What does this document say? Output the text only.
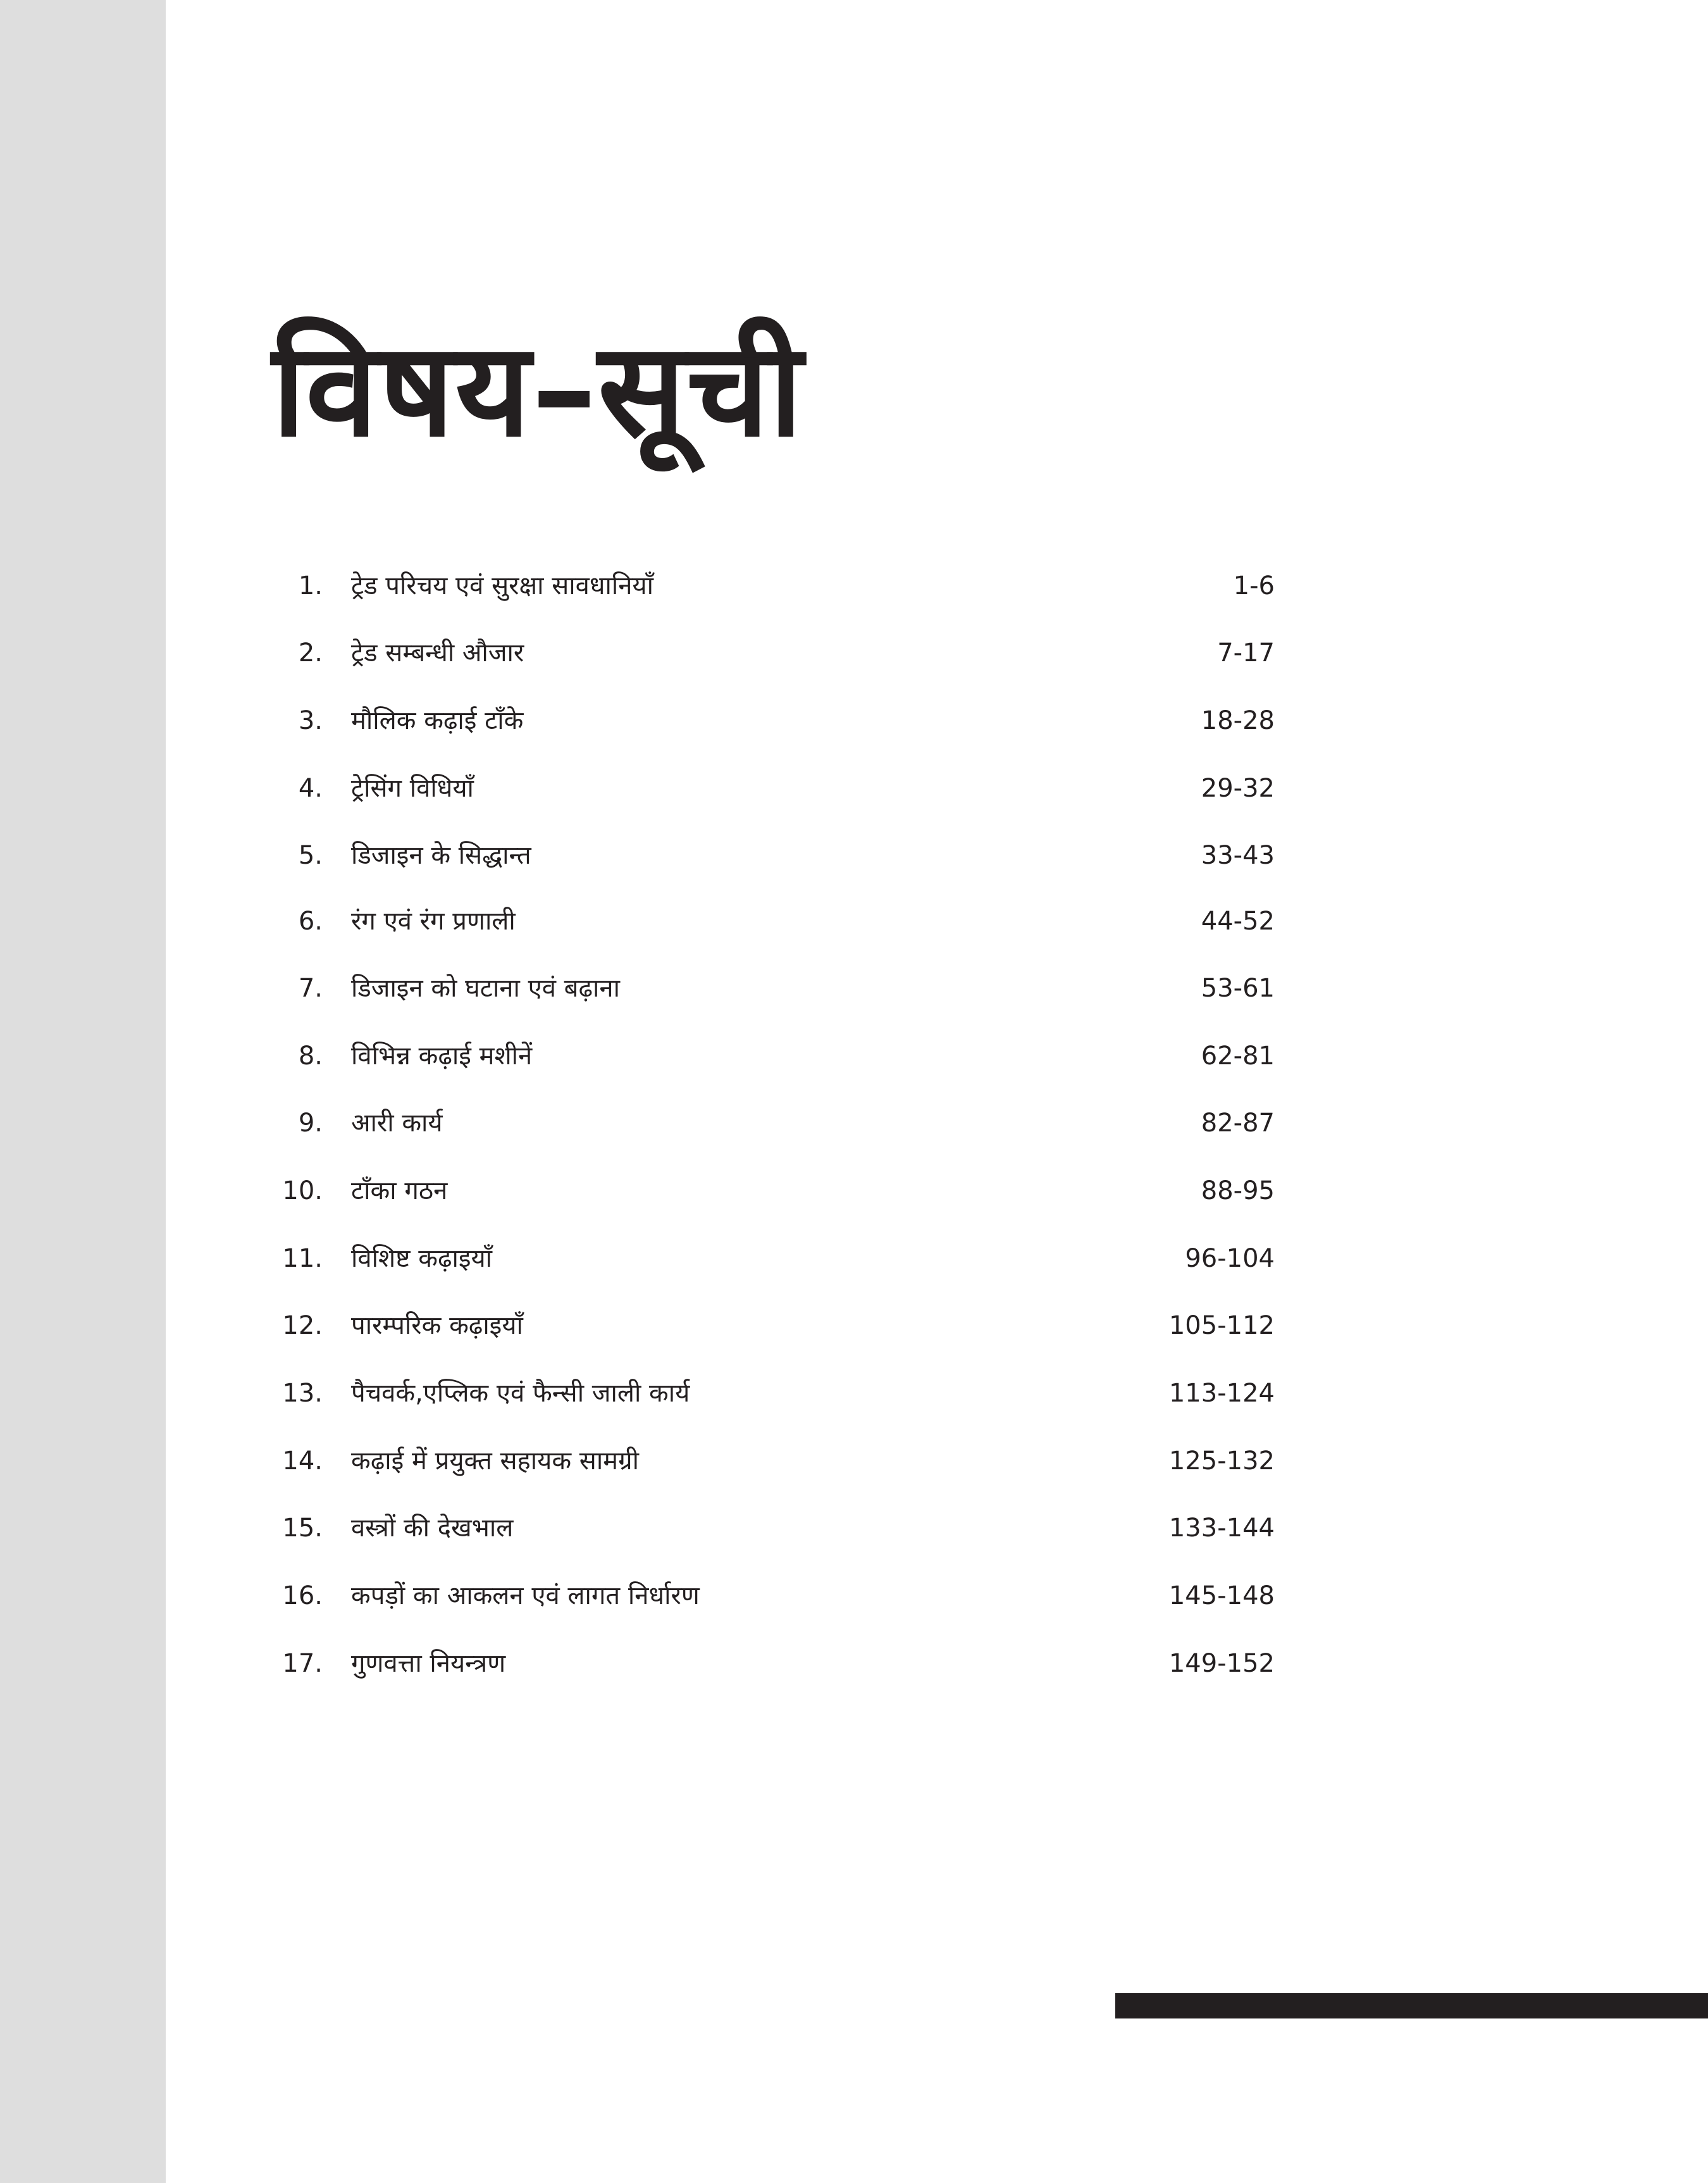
विषय–सूची
1. ट्रेड परिचय एवं सुरक्षा सावधानियाँ	1-6
2. ट्रेड सम्बन्धी औजार	7-17
3. मौलिक कढ़ाई टाँके	18-28
4. ट्रेसिंग विधियाँ	29-32
5. डिजाइन के सिद्धान्त	33-43
6. रंग एवं रंग प्रणाली	44-52
7. डिजाइन को घटाना एवं बढ़ाना	53-61
8. विभिन्न कढ़ाई मशीनें	62-81
9. आरी कार्य	82-87
10. टाँका गठन	88-95
11. विशिष्ट कढ़ाइयाँ	96-104
12. पारम्परिक कढ़ाइयाँ	105-112
13. पैचवर्क,एप्लिक एवं फैन्सी जाली कार्य	113-124
14. कढ़ाई में प्रयुक्त सहायक सामग्री	125-132
15. वस्त्रों की देखभाल	133-144
16. कपड़ों का आकलन एवं लागत निर्धारण	145-148
17. गुणवत्ता नियन्त्रण	149-152
